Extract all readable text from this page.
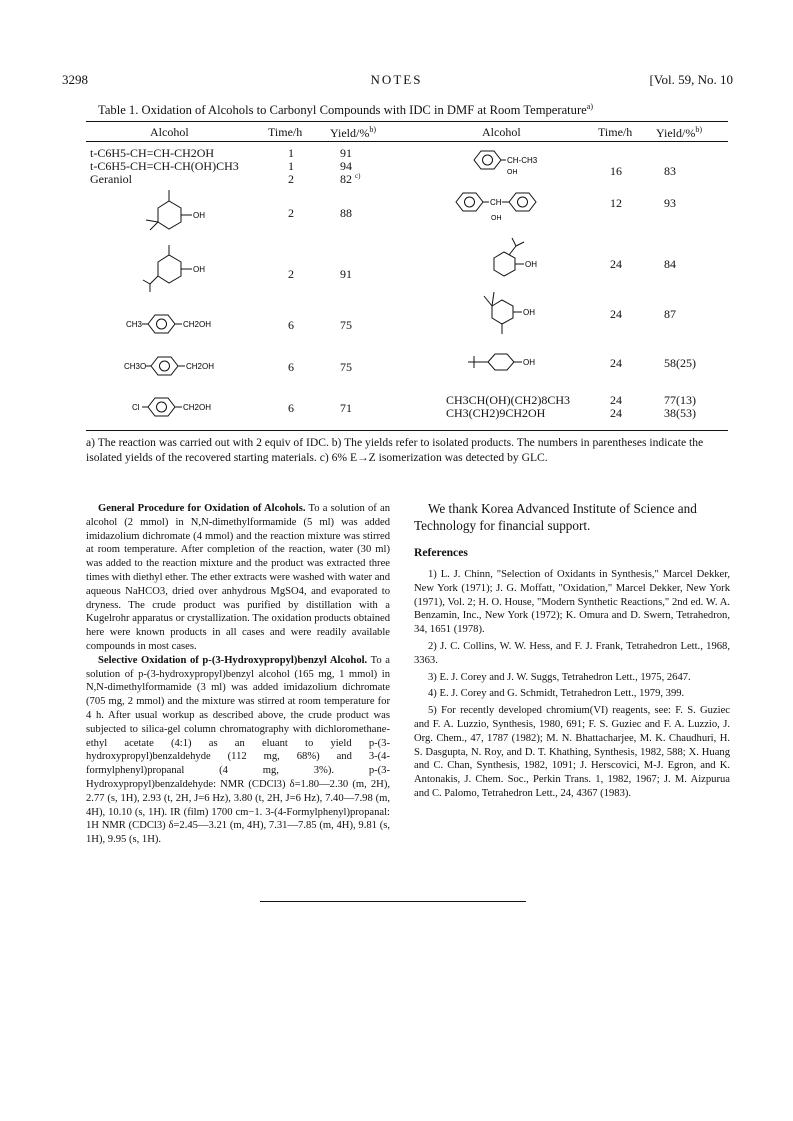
3298	NOTES	[Vol. 59, No. 10
Table 1. Oxidation of Alcohols to Carbonyl Compounds with IDC in DMF at Room Temperature$^{a)}$
Alcohol	Time/h Yield/%$^{b)}$	Alcohol	Time/h Yield/%$^{b)}$
t-C6H5-CH=CH-CH2OH	1	91
t-C6H5-CH=CH-CH(OH)CH3	1	94
Geraniol	2	82 $^{c)}$
OH	2	88
OH	2	91
CH3	CH2OH	6	75
CH3O	CH2OH	6	75
Cl	CH2OH	6	71
CH-CH3
OH	16	83
CH
OH
12	93
OH	24	84
OH	24	87
OH	24	58(25)
CH3CH(OH)(CH2)8CH3	24	77(13)
CH3(CH2)9CH2OH	24	38(53)
a) The reaction was carried out with 2 equiv of IDC. b) The yields refer to isolated products. The numbers in parentheses indicate the isolated yields of the recovered starting materials. c) 6% E→Z isomerization was detected by GLC.

General Procedure for Oxidation of Alcohols. To a solution of an alcohol (2 mmol) in N,N-dimethylformamide (5 ml) was added imidazolium dichromate (4 mmol) and the reaction mixture was stirred at room temperature. After completion of the reaction, water (30 ml) was added to the reaction mixture and the product was extracted three times with diethyl ether. The ether extracts were washed with water and aqueous NaHCO3, dried over anhydrous MgSO4, and evaporated to dryness. The crude product was purified by distillation with a Kugelrohr apparatus or crystallization. The oxidation products obtained here were known products in all cases and were readily available compounds in most cases.

Selective Oxidation of p-(3-Hydroxypropyl)benzyl Alcohol. To a solution of p-(3-hydroxypropyl)benzyl alcohol (165 mg, 1 mmol) in N,N-dimethylformamide (3 ml) was added imidazolium dichromate (705 mg, 2 mmol) and the mixture was stirred at room temperature for 4 h. After usual workup as described above, the crude product was subjected to silica-gel column chromatography with dichloromethane-ethyl acetate (4:1) as an eluant to yield p-(3-hydroxypropyl)benzaldehyde (112 mg, 68%) and 3-(4-formylphenyl)propanal (4 mg, 3%). p-(3-Hydroxypropyl)benzaldehyde: NMR (CDCl3) δ=1.80—2.30 (m, 2H), 2.77 (s, 1H), 2.93 (t, 2H, J=6 Hz), 3.80 (t, 2H, J=6 Hz), 7.40—7.98 (m, 4H), 10.10 (s, 1H). IR (film) 1700 cm−1. 3-(4-Formylphenyl)propanal: 1H NMR (CDCl3) δ=2.45—3.21 (m, 4H), 7.31—7.85 (m, 4H), 9.81 (s, 1H), 9.95 (s, 1H).

We thank Korea Advanced Institute of Science and Technology for financial support.
References

1) L. J. Chinn, "Selection of Oxidants in Synthesis," Marcel Dekker, New York (1971); J. G. Moffatt, "Oxidation," Marcel Dekker, New York (1971), Vol. 2; H. O. House, "Modern Synthetic Reactions," 2nd ed. W. A. Benzamin, Inc., New York (1972); K. Omura and D. Swern, Tetrahedron, 34, 1651 (1978).

2) J. C. Collins, W. W. Hess, and F. J. Frank, Tetrahedron Lett., 1968, 3363.

3) E. J. Corey and J. W. Suggs, Tetrahedron Lett., 1975, 2647.

4) E. J. Corey and G. Schmidt, Tetrahedron Lett., 1979, 399.

5) For recently developed chromium(VI) reagents, see: F. S. Guziec and F. A. Luzzio, Synthesis, 1980, 691; F. S. Guziec and F. A. Luzzio, J. Org. Chem., 47, 1787 (1982); M. N. Bhattacharjee, M. K. Chaudhuri, H. S. Dasgupta, N. Roy, and D. T. Khathing, Synthesis, 1982, 588; X. Huang and C. Chan, Synthesis, 1982, 1091; J. Herscovici, M-J. Egron, and K. Antonakis, J. Chem. Soc., Perkin Trans. 1, 1982, 1967; J. M. Aizpurua and C. Palomo, Tetrahedron Lett., 24, 4367 (1983).
